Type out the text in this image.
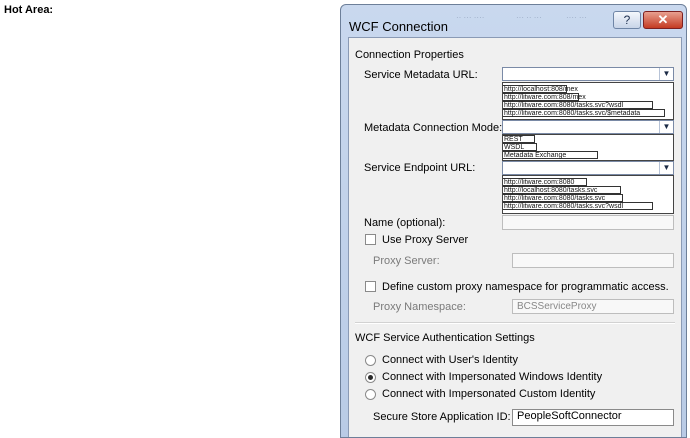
Hot Area:
·· ··· ····	··· ·· ···	···· ···
WCF Connection	?	✕
Connection Properties
Service Metadata URL:	▼
http://localhost:808/mex
http://litware.com:808/mex
http://litware.com:8080/tasks.svc?wsdl
http://litware.com:8080/tasks.svc/$metadata
Metadata Connection Mode:	▼
REST
WSDL
Metadata Exchange
Service Endpoint URL:	▼
http://litware.com:8080
http://localhost:8080/tasks.svc
http://litware.com:8080/tasks.svc
http://litware.com:8080/tasks.svc?wsdl
Name (optional):
Use Proxy Server
Proxy Server:
Define custom proxy namespace for programmatic access.
Proxy Namespace:	BCSServiceProxy
WCF Service Authentication Settings
Connect with User's Identity
Connect with Impersonated Windows Identity
Connect with Impersonated Custom Identity
Secure Store Application ID: PeopleSoftConnector
